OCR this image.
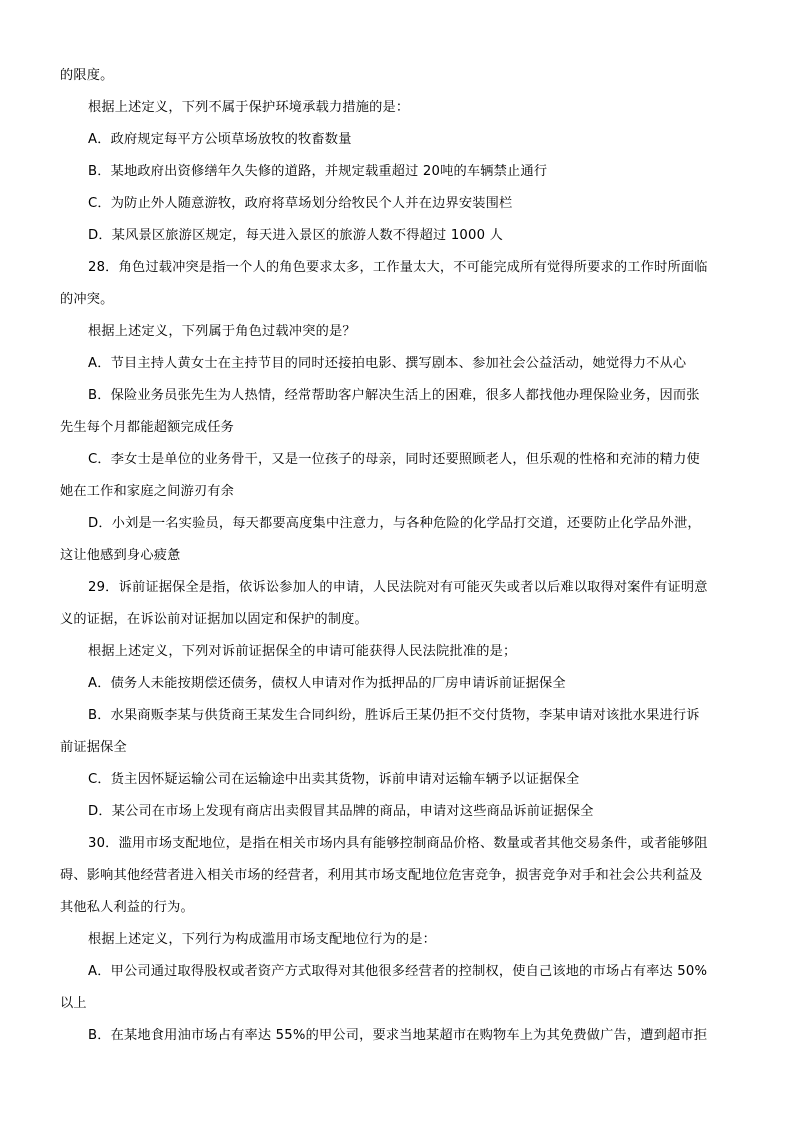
的限度。
根据上述定义，下列不属于保护环境承载力措施的是：
A．政府规定每平方公顷草场放牧的牧畜数量
B．某地政府出资修缮年久失修的道路，并规定载重超过 20吨的车辆禁止通行
C．为防止外人随意游牧，政府将草场划分给牧民个人并在边界安装围栏
D．某风景区旅游区规定，每天进入景区的旅游人数不得超过 1000 人
28．角色过载冲突是指一个人的角色要求太多，工作量太大，不可能完成所有觉得所要求的工作时所面临
的冲突。
根据上述定义，下列属于角色过载冲突的是？
A．节目主持人黄女士在主持节目的同时还接拍电影、撰写剧本、参加社会公益活动，她觉得力不从心
B．保险业务员张先生为人热情，经常帮助客户解决生活上的困难，很多人都找他办理保险业务，因而张
先生每个月都能超额完成任务
C．李女士是单位的业务骨干，又是一位孩子的母亲，同时还要照顾老人，但乐观的性格和充沛的精力使
她在工作和家庭之间游刃有余
D．小刘是一名实验员，每天都要高度集中注意力，与各种危险的化学品打交道，还要防止化学品外泄，
这让他感到身心疲惫
29．诉前证据保全是指，依诉讼参加人的申请，人民法院对有可能灭失或者以后难以取得对案件有证明意
义的证据，在诉讼前对证据加以固定和保护的制度。
根据上述定义，下列对诉前证据保全的申请可能获得人民法院批准的是；
A．债务人未能按期偿还债务，债权人申请对作为抵押品的厂房申请诉前证据保全
B．水果商贩李某与供货商王某发生合同纠纷，胜诉后王某仍拒不交付货物，李某申请对该批水果进行诉
前证据保全
C．货主因怀疑运输公司在运输途中出卖其货物，诉前申请对运输车辆予以证据保全
D．某公司在市场上发现有商店出卖假冒其品牌的商品，申请对这些商品诉前证据保全
30．滥用市场支配地位，是指在相关市场内具有能够控制商品价格、数量或者其他交易条件，或者能够阻
碍、影响其他经营者进入相关市场的经营者，利用其市场支配地位危害竞争，损害竞争对手和社会公共利益及
其他私人利益的行为。
根据上述定义，下列行为构成滥用市场支配地位行为的是：
A．甲公司通过取得股权或者资产方式取得对其他很多经营者的控制权，使自己该地的市场占有率达 50%
以上
B．在某地食用油市场占有率达 55%的甲公司，要求当地某超市在购物车上为其免费做广告，遭到超市拒
